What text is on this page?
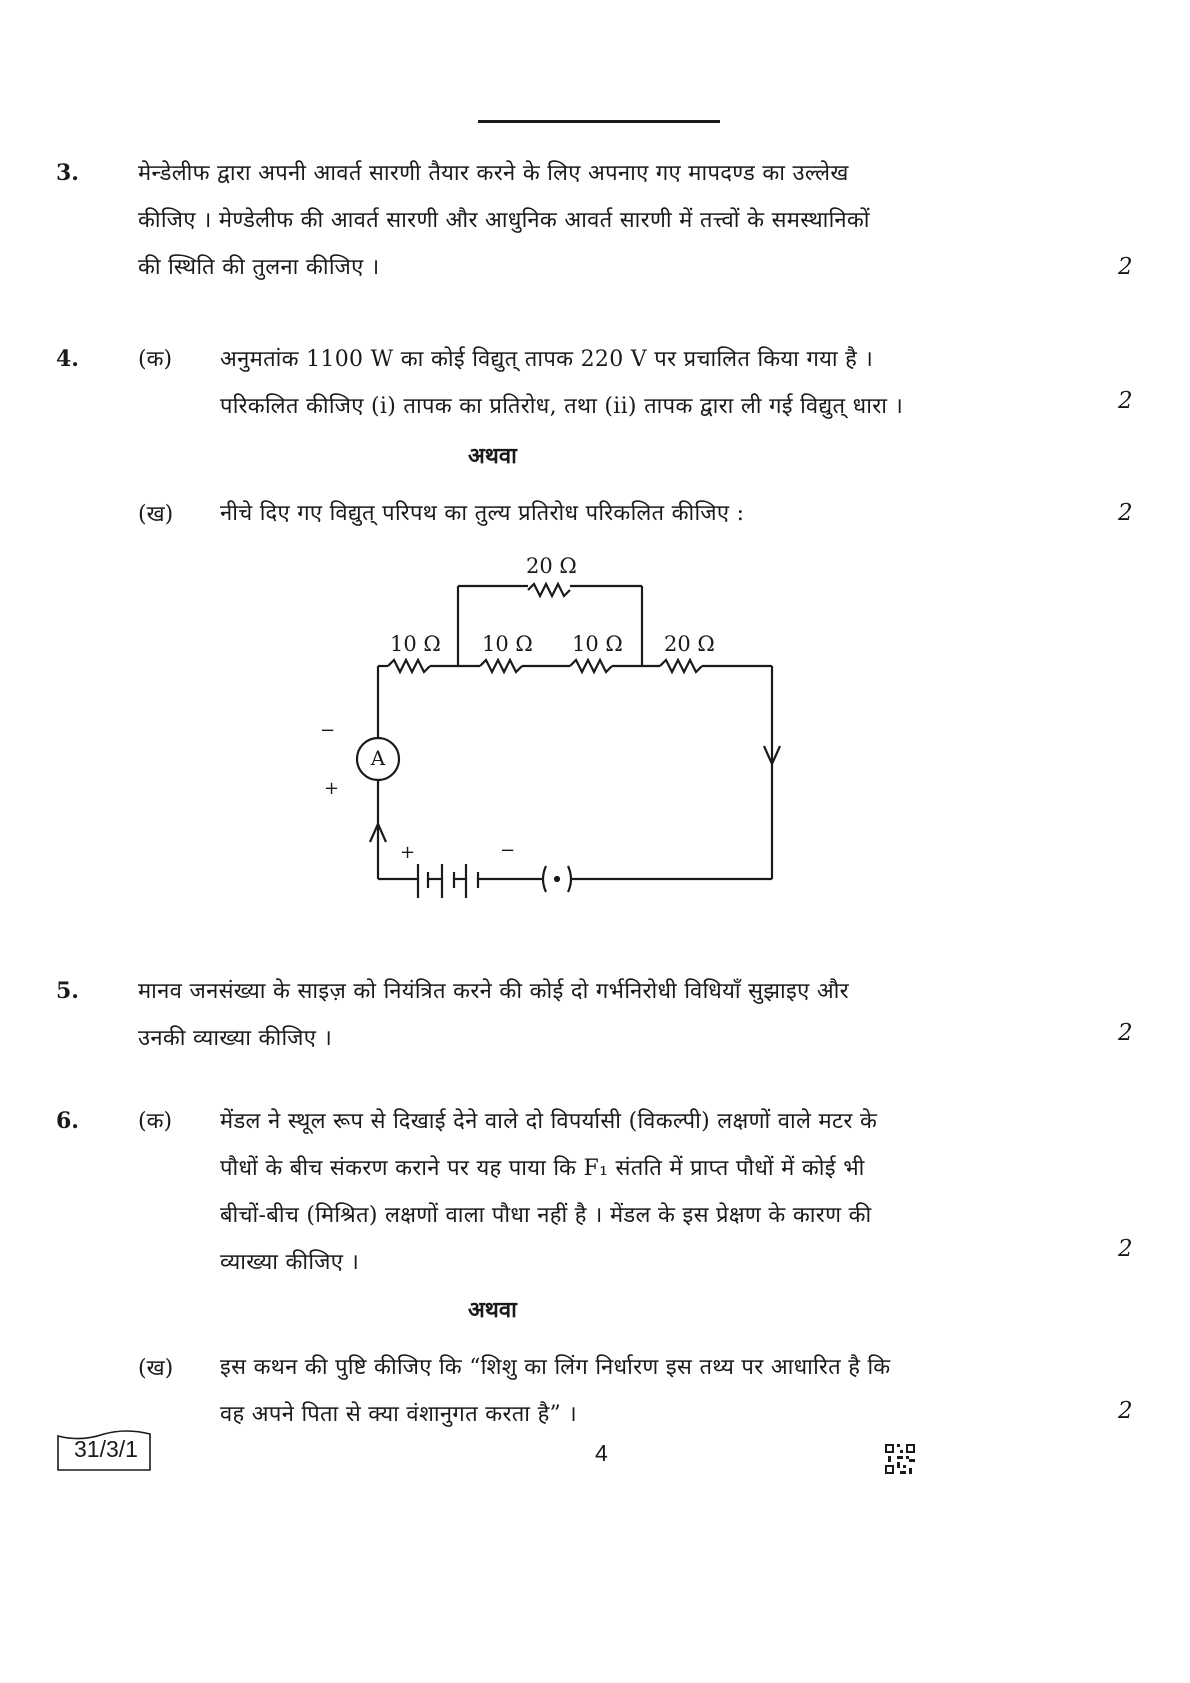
3.	मेन्डेलीफ द्वारा अपनी आवर्त सारणी तैयार करने के लिए अपनाए गए मापदण्ड का उल्लेख
कीजिए । मेण्डेलीफ की आवर्त सारणी और आधुनिक आवर्त सारणी में तत्त्वों के समस्थानिकों
की स्थिति की तुलना कीजिए ।	2
4.	(क) अनुमतांक 1100 W का कोई विद्युत् तापक 220 V पर प्रचालित किया गया है ।
परिकलित कीजिए (i) तापक का प्रतिरोध, तथा (ii) तापक द्वारा ली गई विद्युत् धारा ।	2
अथवा
(ख) नीचे दिए गए विद्युत् परिपथ का तुल्य प्रतिरोध परिकलित कीजिए :	2
20 Ω
10 Ω 10 Ω 10 Ω 20 Ω
A
−
+
+	−
5.	मानव जनसंख्या के साइज़ को नियंत्रित करने की कोई दो गर्भनिरोधी विधियाँ सुझाइए और
उनकी व्याख्या कीजिए ।	2
6.	(क) मेंडल ने स्थूल रूप से दिखाई देने वाले दो विपर्यासी (विकल्पी) लक्षणों वाले मटर के
पौधों के बीच संकरण कराने पर यह पाया कि F₁ संतति में प्राप्त पौधों में कोई भी
बीचों-बीच (मिश्रित) लक्षणों वाला पौधा नहीं है । मेंडल के इस प्रेक्षण के कारण की
व्याख्या कीजिए ।
2
अथवा
(ख) इस कथन की पुष्टि कीजिए कि “शिशु का लिंग निर्धारण इस तथ्य पर आधारित है कि
वह अपने पिता से क्या वंशानुगत करता है” ।	2
31/3/1	4
